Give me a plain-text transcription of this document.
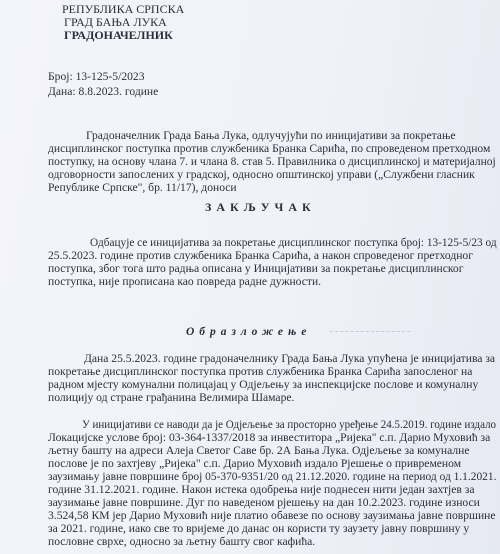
РЕПУБЛИКА СРПСКА
ГРАД БАЊА ЛУКА
ГРАДОНАЧЕЛНИК
Број: 13-125-5/2023
Дана: 8.8.2023. године
Градоначелник Града Бања Лука, одлучујући по иницијативи за покретање
дисциплинског поступка против службеника Бранка Сарића, по спроведеном претходном
поступку, на основу члана 7. и члана 8. став 5. Правилника о дисциплинској и материјалној
одговорности запослених у градској, односно општинској управи („Службени гласник
Републике Српске", бр. 11/17), доноси
ЗАКЉУЧАК
Одбацује се иницијатива за покретање дисциплинског поступка број: 13-125-5/23 од
25.5.2023. године против службеника Бранка Сарића, а након спроведеног претходног
поступка, због тога што радња описана у Иницијативи за покретање дисциплинског
поступка, није прописана као повреда радне дужности.
Образложење
Дана 25.5.2023. године градоначелнику Града Бања Лука упућена је иницијатива за
покретање дисциплинског поступка против службеника Бранка Сарића запосленог на
радном мјесту комунални полицајац у Одјељењу за инспекцијске послове и комуналну
полицију од стране грађанина Велимира Шамаре.
У иницијативи се наводи да је Одјељење за просторно уређење 24.5.2019. године издало
Локацијске услове број: 03-364-1337/2018 за инвеститора „Ријека" с.п. Дарио Муховић за
љетну башту на адреси Алеја Светог Саве бр. 2А Бања Лука. Одјељење за комуналне
послове је по захтјеву „Ријека" с.п. Дарио Муховић издало Рјешење о привременом
заузимању јавне површине број 05-370-9351/20 од 21.12.2020. године на период од 1.1.2021.
године 31.12.2021. године. Након истека одобрења није поднесен нити један захтјев за
заузимање јавне површине. Дуг по наведеном рјешењу на дан 10.2.2023. године износи
3.524,58 КМ јер Дарио Муховић није платио обавезе по основу заузимања јавне површине
за 2021. године, иако све то вријеме до данас он користи ту заузету јавну површину у
пословне сврхе, односно за љетну башту свог кафића.
